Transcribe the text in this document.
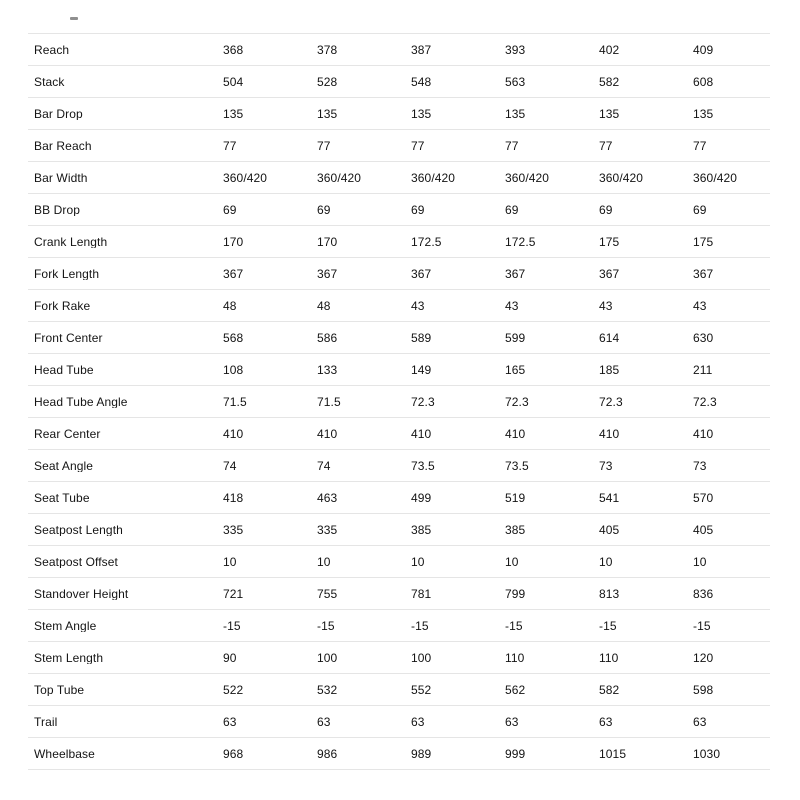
Reach	368	378	387	393	402	409
Stack	504	528	548	563	582	608
Bar Drop	135	135	135	135	135	135
Bar Reach	77	77	77	77	77	77
Bar Width	360/420	360/420	360/420	360/420	360/420	360/420
BB Drop	69	69	69	69	69	69
Crank Length	170	170	172.5	172.5	175	175
Fork Length	367	367	367	367	367	367
Fork Rake	48	48	43	43	43	43
Front Center	568	586	589	599	614	630
Head Tube	108	133	149	165	185	211
Head Tube Angle	71.5	71.5	72.3	72.3	72.3	72.3
Rear Center	410	410	410	410	410	410
Seat Angle	74	74	73.5	73.5	73	73
Seat Tube	418	463	499	519	541	570
Seatpost Length	335	335	385	385	405	405
Seatpost Offset	10	10	10	10	10	10
Standover Height	721	755	781	799	813	836
Stem Angle	-15	-15	-15	-15	-15	-15
Stem Length	90	100	100	110	110	120
Top Tube	522	532	552	562	582	598
Trail	63	63	63	63	63	63
Wheelbase	968	986	989	999	1015	1030
